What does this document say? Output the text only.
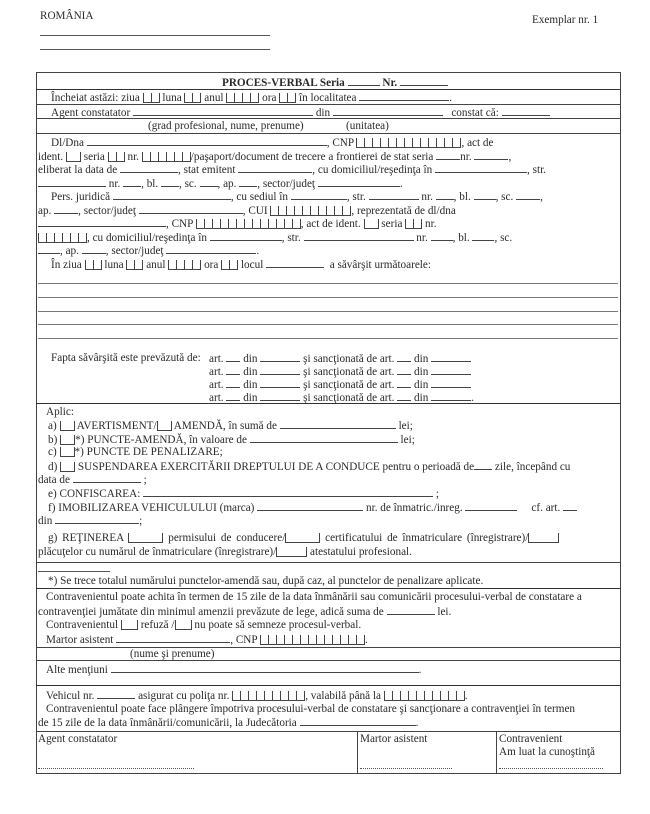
ROMÂNIA	Exemplar nr. 1
PROCES-VERBAL Seria	Nr.
Încheiat astăzi: ziua luna anul	ora în localitatea	.
Agent constatator	din	constat că:
(grad profesional, nume, prenume)	(unitatea)
Dl/Dna	, CNP	, act de
ident. seria nr.	/paşaport/document de trecere a frontierei de stat seria nr.	,
eliberat la data de	, stat emitent	, cu domiciliul/reşedinţa în	, str.
nr. , bl. , sc. , ap. , sector/judeţ	.
Pers. juridică	, cu sediul în	, str.	nr. , bl. , sc. ,
ap. , sector/judeţ	, CUI	, reprezentată de dl/dna
, CNP	, act de ident. seria nr.
, cu domiciliul/reşedinţa în	, str.	nr. , bl. , sc.
, ap. , sector/judeţ	.
În ziua luna anul	ora locul	a săvârşit următoarele:
Fapta săvârşită este prevăzută de: art. din	şi sancţionată de art. din
art. din	şi sancţionată de art. din
art. din	şi sancţionată de art. din
art. din	şi sancţionată de art. din	.
Aplic:
a) AVERTISMENT/ AMENDĂ, în sumă de	lei;
b) *) PUNCTE-AMENDĂ, în valoare de	lei;
c) *) PUNCTE DE PENALIZARE;
d) SUSPENDAREA EXERCITĂRII DREPTULUI DE A CONDUCE pentru o perioadă de zile, începând cu
data de	;
e) CONFISCAREA:	;
f) IMOBILIZAREA VEHICULULUI (marca)	nr. de înmatric./inreg.	cf. art.
din	;
g) REŢINEREA	permisului de conducere/	certificatului de înmatriculare (înregistrare)/
plăcuţelor cu numărul de înmatriculare (înregistrare)/	atestatului profesional.
*) Se trece totalul numărului punctelor-amendă sau, după caz, al punctelor de penalizare aplicate.
Contravenientul poate achita în termen de 15 zile de la data înmânării sau comunicării procesului-verbal de constatare a
contravenţiei jumătate din minimul amenzii prevăzute de lege, adică suma de	lei.
Contravenientul refuză / nu poate să semneze procesul-verbal.
Martor asistent	, CNP	.
(nume şi prenume)
Alte menţiuni	.
Vehicul nr.	asigurat cu poliţa nr.	, valabilă până la	.
Contravenientul poate face plângere împotriva procesului-verbal de constatare şi sancţionare a contravenţiei în termen
de 15 zile de la data înmânării/comunicării, la Judecătoria	.
Agent constatator	Martor asistent	Contravenient
Am luat la cunoştinţă
